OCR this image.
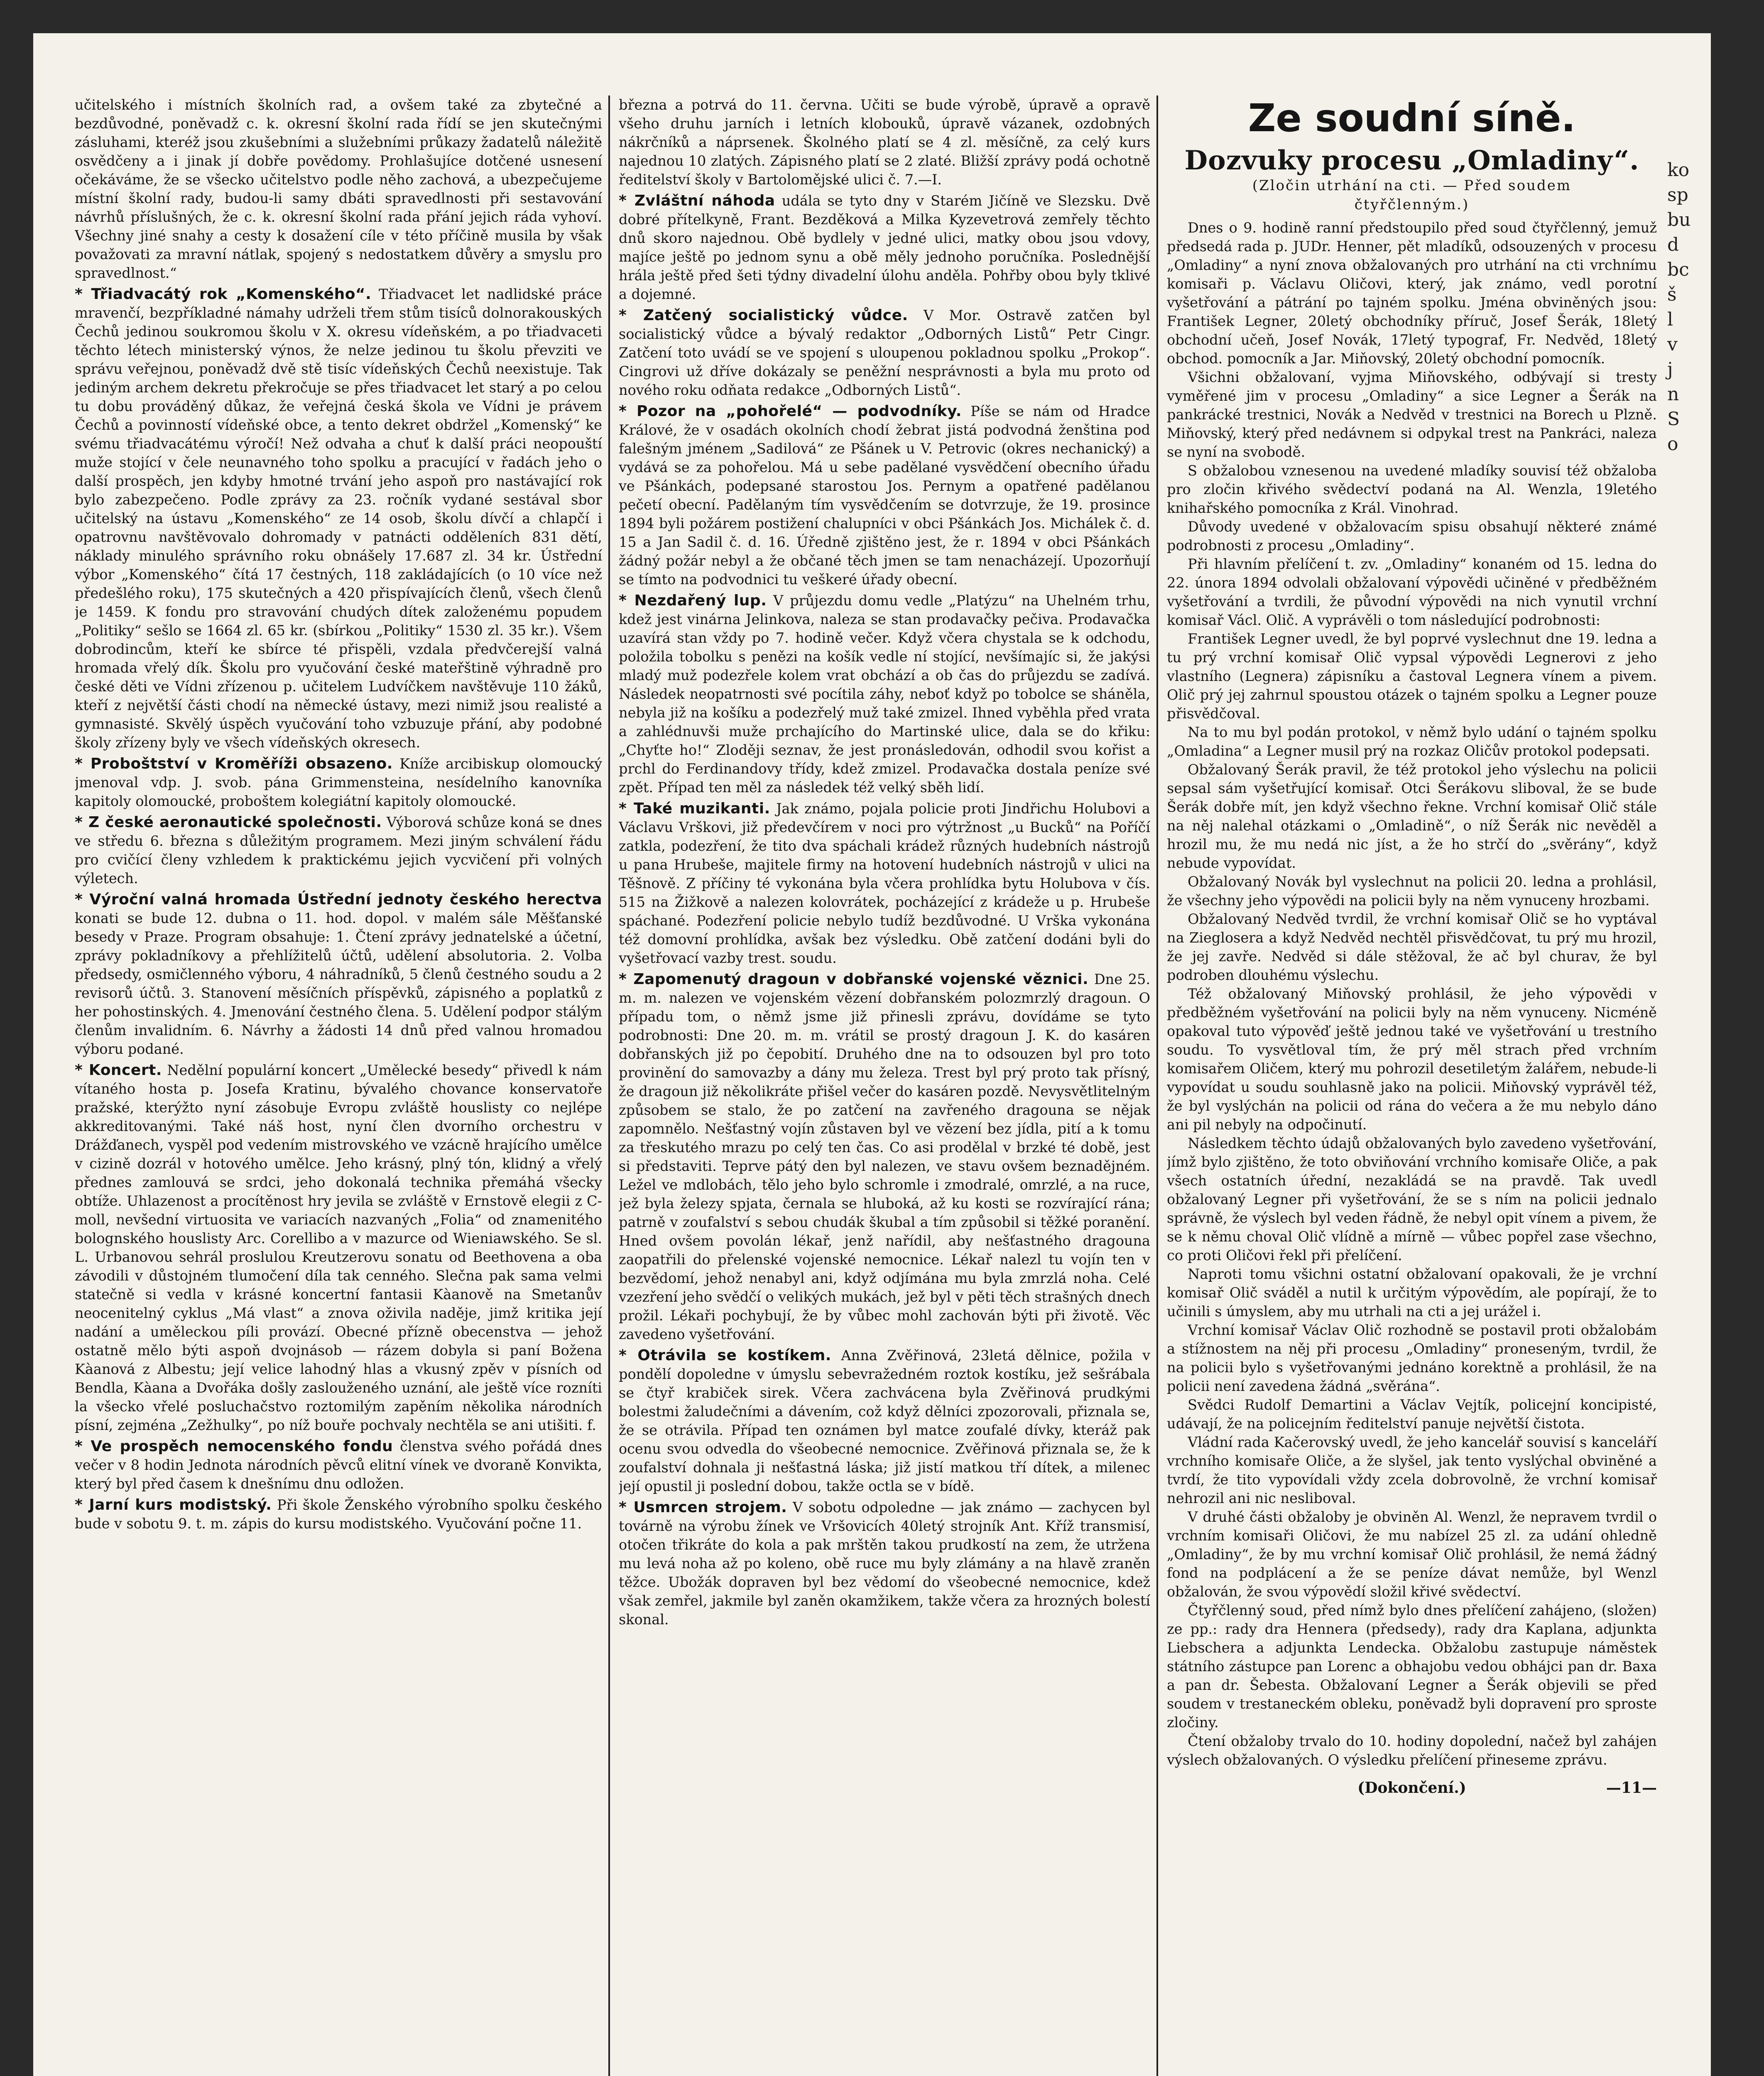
učitelského i místních školních rad, a ovšem také za zbytečné a bezdůvodné, poněvadž c. k. okresní školní rada řídí se jen skutečnými zásluhami, kteréž jsou zkušebními a služebními průkazy žadatelů náležitě osvědčeny a i jinak jí dobře povědomy. Prohlašujíce dotčené usnesení očekáváme, že se všecko učitelstvo podle něho zachová, a ubezpečujeme místní školní rady, budou-li samy dbáti spravedlnosti při sestavování návrhů příslušných, že c. k. okresní školní rada přání jejich ráda vyhoví. Všechny jiné snahy a cesty k dosažení cíle v této příčině musila by však považovati za mravní nátlak, spojený s nedostatkem důvěry a smyslu pro spravedlnost.“

* Třiadvacátý rok „Komenského“. Třiadvacet let nadlidské práce mravenčí, bezpříkladné námahy udrželi třem stům tisíců dolnorakouských Čechů jedinou soukromou školu v X. okresu vídeňském, a po třiadvaceti těchto létech ministerský výnos, že nelze jedinou tu školu převziti ve správu veřejnou, poněvadž dvě stě tisíc vídeňských Čechů neexistuje. Tak jediným archem dekretu překročuje se přes třiadvacet let starý a po celou tu dobu prováděný důkaz, že veřejná česká škola ve Vídni je právem Čechů a povinností vídeňské obce, a tento dekret obdržel „Komenský“ ke svému třiadvacátému výročí! Než odvaha a chuť k další práci neopouští muže stojící v čele neunavného toho spolku a pracující v řadách jeho o další prospěch, jen kdyby hmotné trvání jeho aspoň pro nastávající rok bylo zabezpečeno. Podle zprávy za 23. ročník vydané sestával sbor učitelský na ústavu „Komenského“ ze 14 osob, školu dívčí a chlapčí i opatrovnu navštěvovalo dohromady v patnácti odděleních 831 dětí, náklady minulého správního roku obnášely 17.687 zl. 34 kr. Ústřední výbor „Komenského“ čítá 17 čestných, 118 zakládajících (o 10 více než předešlého roku), 175 skutečných a 420 přispívajících členů, všech členů je 1459. K fondu pro stravování chudých dítek založenému popudem „Politiky“ sešlo se 1664 zl. 65 kr. (sbírkou „Politiky“ 1530 zl. 35 kr.). Všem dobrodincům, kteří ke sbírce té přispěli, vzdala předvčerejší valná hromada vřelý dík. Školu pro vyučování české mateřštině výhradně pro české děti ve Vídni zřízenou p. učitelem Ludvíčkem navštěvuje 110 žáků, kteří z největší části chodí na německé ústavy, mezi nimiž jsou realisté a gymnasisté. Skvělý úspěch vyučování toho vzbuzuje přání, aby podobné školy zřízeny byly ve všech vídeňských okresech.

* Proboštství v Kroměříži obsazeno. Kníže arcibiskup olomoucký jmenoval vdp. J. svob. pána Grimmensteina, nesídelního kanovníka kapitoly olomoucké, proboštem kolegiátní kapitoly olomoucké.

* Z české aeronautické společnosti. Výborová schůze koná se dnes ve středu 6. března s důležitým programem. Mezi jiným schválení řádu pro cvičící členy vzhledem k praktickému jejich vycvičení při volných výletech.

* Výroční valná hromada Ústřední jednoty českého herectva

konati se bude 12. dubna o 11. hod. dopol. v malém sále Měšťanské besedy v Praze. Program obsahuje: 1. Čtení zprávy jednatelské a účetní, zprávy pokladníkovy a přehlížitelů účtů, udělení absolutoria. 2. Volba předsedy, osmičlenného výboru, 4 náhradníků, 5 členů čestného soudu a 2 revisorů účtů. 3. Stanovení měsíčních příspěvků, zápisného a poplatků z her pohostinských. 4. Jmenování čestného člena. 5. Udělení podpor stálým členům invalidním. 6. Návrhy a žádosti 14 dnů před valnou hromadou výboru podané.

* Koncert. Nedělní populární koncert „Umělecké besedy“ přivedl k nám vítaného hosta p. Josefa Kratinu, bývalého chovance konservatoře pražské, kterýžto nyní zásobuje Evropu zvláště houslisty co nejlépe akkreditovanými. Také náš host, nyní člen dvorního orchestru v Drážďanech, vyspěl pod vedením mistrovského ve vzácně hrajícího umělce v cizině dozrál v hotového umělce. Jeho krásný, plný tón, klidný a vřelý přednes zamlouvá se srdci, jeho dokonalá technika přemáhá všecky obtíže. Uhlazenost a procítěnost hry jevila se zvláště v Ernstově elegii z C-moll, nevšední virtuosita ve variacích nazvaných „Folia“ od znamenitého bolognského houslisty Arc. Corellibo a v mazurce od Wieniawského. Se sl. L. Urbanovou sehrál proslulou Kreutzerovu sonatu od Beethovena a oba závodili v důstojném tlumočení díla tak cenného. Slečna pak sama velmi statečně si vedla v krásné koncertní fantasii Kàanově na Smetanův neocenitelný cyklus „Má vlast“ a znova oživila naděje, jimž kritika její nadání a uměleckou píli provází. Obecné přízně obecenstva — jehož ostatně mělo býti aspoň dvojnásob — rázem dobyla si paní Božena Kàanová z Albestu; její velice lahodný hlas a vkusný zpěv v písních od Bendla, Kàana a Dvořáka došly zaslouženého uznání, ale ještě více rozníti la všecko vřelé posluchačstvo roztomilým zapěním několika národních písní, zejména „Zežhulky“, po níž bouře pochvaly nechtěla se ani utišiti. f.

* Ve prospěch nemocenského fondu členstva svého pořádá dnes večer v 8 hodin Jednota národních pěvců elitní vínek ve dvoraně Konvikta, který byl před časem k dnešnímu dnu odložen.

* Jarní kurs modistský. Při škole Ženského výrobního spolku českého bude v sobotu 9. t. m. zápis do kursu modistského. Vyučování počne 11.

března a potrvá do 11. června. Učiti se bude výrobě, úpravě a opravě všeho druhu jarních i letních klobouků, úpravě vázanek, ozdobných nákrčníků a náprsenek. Školného platí se 4 zl. měsíčně, za celý kurs najednou 10 zlatých. Zápisného platí se 2 zlaté. Bližší zprávy podá ochotně ředitelství školy v Bartolomějské ulici č. 7.—I.

* Zvláštní náhoda udála se tyto dny v Starém Jičíně ve Slezsku. Dvě dobré přítelkyně, Frant. Bezděková a Milka Kyzevetrová zemřely těchto dnů skoro najednou. Obě bydlely v jedné ulici, matky obou jsou vdovy, majíce ještě po jednom synu a obě měly jednoho poručníka. Poslednější hrála ještě před šeti týdny divadelní úlohu anděla. Pohřby obou byly tklivé a dojemné.

* Zatčený socialistický vůdce. V Mor. Ostravě zatčen byl socialistický vůdce a bývalý redaktor „Odborných Listů“ Petr Cingr. Zatčení toto uvádí se ve spojení s uloupenou pokladnou spolku „Prokop“. Cingrovi už dříve dokázaly se peněžní nesprávnosti a byla mu proto od nového roku odňata redakce „Odborných Listů“.

* Pozor na „pohořelé“ — podvodníky. Píše se nám od Hradce Králové, že v osadách okolních chodí žebrat jistá podvodná ženština pod falešným jménem „Sadilová“ ze Pšánek u V. Petrovic (okres nechanický) a vydává se za pohořelou. Má u sebe padělané vysvědčení obecního úřadu ve Pšánkách, podepsané starostou Jos. Pernym a opatřené padělanou pečetí obecní. Padělaným tím vysvědčením se dotvrzuje, že 19. prosince 1894 byli požárem postižení chalupníci v obci Pšánkách Jos. Michálek č. d. 15 a Jan Sadil č. d. 16. Úředně zjištěno jest, že r. 1894 v obci Pšánkách žádný požár nebyl a že občané těch jmen se tam nenacházejí. Upozorňují se tímto na podvodnici tu veškeré úřady obecní.

* Nezdařený lup. V průjezdu domu vedle „Platýzu“ na Uhelném trhu, kdež jest vinárna Jelinkova, naleza se stan prodavačky pečiva. Prodavačka uzavírá stan vždy po 7. hodině večer. Když včera chystala se k odchodu, položila tobolku s penězi na košík vedle ní stojící, nevšímajíc si, že jakýsi mladý muž podezřele kolem vrat obchází a ob čas do průjezdu se zadívá. Následek neopatrnosti své pocítila záhy, neboť když po tobolce se sháněla, nebyla již na košíku a podezřelý muž také zmizel. Ihned vyběhla před vrata a zahlédnuvši muže prchajícího do Martinské ulice, dala se do křiku: „Chyťte ho!“ Zloději seznav, že jest pronásledován, odhodil svou kořist a prchl do Ferdinandovy třídy, kdež zmizel. Prodavačka dostala peníze své zpět. Případ ten měl za následek též velký sběh lidí.

* Také muzikanti. Jak známo, pojala policie proti Jindřichu Holubovi a Václavu Vrškovi, již předevčírem v noci pro výtržnost „u Bucků“ na Poříčí zatkla, podezření, že tito dva spáchali krádež různých hudebních nástrojů u pana Hrubeše, majitele firmy na hotovení hudebních nástrojů v ulici na Těšnově. Z příčiny té vykonána byla včera prohlídka bytu Holubova v čís. 515 na Žižkově a nalezen kolovrátek, pocházející z krádeže u p. Hrubeše spáchané. Podezření policie nebylo tudíž bezdůvodné. U Vrška vykonána též domovní prohlídka, avšak bez výsledku. Obě zatčení dodáni byli do vyšetřovací vazby trest. soudu.

* Zapomenutý dragoun v dobřanské vojenské věznici. Dne 25. m. m. nalezen ve vojenském vězení dobřanském polozmrzlý dragoun. O případu tom, o němž jsme již přinesli zprávu, dovídáme se tyto podrobnosti: Dne 20. m. m. vrátil se prostý dragoun J. K. do kasáren dobřanských již po čepobití. Druhého dne na to odsouzen byl pro toto provinění do samovazby a dány mu železa. Trest byl prý proto tak přísný, že dragoun již několikráte přišel večer do kasáren pozdě. Nevysvětlitelným způsobem se stalo, že po zatčení na zavřeného dragouna se nějak zapomnělo. Nešťastný vojín zůstaven byl ve vězení bez jídla, pití a k tomu za třeskutého mrazu po celý ten čas. Co asi prodělal v brzké té době, jest si představiti. Teprve pátý den byl nalezen, ve stavu ovšem beznadějném. Ležel ve mdlobách, tělo jeho bylo schromle i zmodralé, omrzlé, a na ruce, jež byla železy spjata, černala se hluboká, až ku kosti se rozvírající rána; patrně v zoufalství s sebou chudák škubal a tím způsobil si těžké poranění. Hned ovšem povolán lékař, jenž nařídil, aby nešťastného dragouna zaopatřili do přelenské vojenské nemocnice. Lékař nalezl tu vojín ten v bezvědomí, jehož nenabyl ani, když odjímána mu byla zmrzlá noha. Celé vzezření jeho svědčí o velikých mukách, jež byl v pěti těch strašných dnech prožil. Lékaři pochybují, že by vůbec mohl zachován býti při životě. Věc zavedeno vyšetřování.

* Otrávila se kostíkem. Anna Zvěřinová, 23letá dělnice, požila v pondělí dopoledne v úmyslu sebevražedném roztok kostíku, jež sešrábala se čtyř krabiček sirek. Včera zachvácena byla Zvěřinová prudkými bolestmi žaludečními a dávením, což když dělníci zpozorovali, přiznala se, že se otrávila. Případ ten oznámen byl matce zoufalé dívky, kteráž pak ocenu svou odvedla do všeobecné nemocnice. Zvěřinová přiznala se, že k zoufalství dohnala ji nešťastná láska; již jistí matkou tří dítek, a milenec její opustil ji poslední dobou, takže octla se v bídě.

* Usmrcen strojem. V sobotu odpoledne — jak známo — zachycen byl továrně na výrobu žínek ve Vršovicích 40letý strojník Ant. Kříž transmisí, otočen třikráte do kola a pak mrštěn takou prudkostí na zem, že utržena mu levá noha až po koleno, obě ruce mu byly zlámány a na hlavě zraněn těžce. Ubožák dopraven byl bez vědomí do všeobecné nemocnice, kdež však zemřel, jakmile byl zaněn okamžikem, takže včera za hrozných bolestí skonal.

Ze soudní síně.
Dozvuky procesu „Omladiny“.
(Zločin utrhání na cti. — Před soudem
čtyřčlenným.)

Dnes o 9. hodině ranní předstoupilo před soud čtyřčlenný, jemuž předsedá rada p. JUDr. Henner, pět mladíků, odsouzených v procesu „Omladiny“ a nyní znova obžalovaných pro utrhání na cti vrchnímu komisaři p. Václavu Oličovi, který, jak známo, vedl porotní vyšetřování a pátrání po tajném spolku. Jména obviněných jsou: František Legner, 20letý obchodníky příruč, Josef Šerák, 18letý obchodní učeň, Josef Novák, 17letý typograf, Fr. Nedvěd, 18letý obchod. pomocník a Jar. Miňovský, 20letý obchodní pomocník.

Všichni obžalovaní, vyjma Miňovského, odbývají si tresty vyměřené jim v procesu „Omladiny“ a sice Legner a Šerák na pankrácké trestnici, Novák a Nedvěd v trestnici na Borech u Plzně. Miňovský, který před nedávnem si odpykal trest na Pankráci, naleza se nyní na svobodě.

S obžalobou vznesenou na uvedené mladíky souvisí též obžaloba pro zločin křivého svědectví podaná na Al. Wenzla, 19letého knihařského pomocníka z Král. Vinohrad.

Důvody uvedené v obžalovacím spisu obsahují některé známé podrobnosti z procesu „Omladiny“.

Při hlavním přelíčení t. zv. „Omladiny“ konaném od 15. ledna do 22. února 1894 odvolali obžalovaní výpovědi učiněné v předběžném vyšetřování a tvrdili, že původní výpovědi na nich vynutil vrchní komisař Václ. Olič. A vyprávěli o tom následující podrobnosti:

František Legner uvedl, že byl poprvé vyslechnut dne 19. ledna a tu prý vrchní komisař Olič vypsal výpovědi Legnerovi z jeho vlastního (Legnera) zápisníku a častoval Legnera vínem a pivem. Olič prý jej zahrnul spoustou otázek o tajném spolku a Legner pouze přisvědčoval.

Na to mu byl podán protokol, v němž bylo udání o tajném spolku „Omladina“ a Legner musil prý na rozkaz Oličův protokol podepsati.

Obžalovaný Šerák pravil, že též protokol jeho výslechu na policii sepsal sám vyšetřující komisař. Otci Šerákovu sliboval, že se bude Šerák dobře mít, jen když všechno řekne. Vrchní komisař Olič stále na něj nalehal otázkami o „Omladině“, o níž Šerák nic nevěděl a hrozil mu, že mu nedá nic jíst, a že ho strčí do „svěrány“, když nebude vypovídat.

Obžalovaný Novák byl vyslechnut na policii 20. ledna a prohlásil, že všechny jeho výpovědi na policii byly na něm vynuceny hrozbami.

Obžalovaný Nedvěd tvrdil, že vrchní komisař Olič se ho vyptával na Zieglosera a když Nedvěd nechtěl přisvědčovat, tu prý mu hrozil, že jej zavře. Nedvěd si dále stěžoval, že ač byl churav, že byl podroben dlouhému výslechu.

Též obžalovaný Miňovský prohlásil, že jeho výpovědi v předběžném vyšetřování na policii byly na něm vynuceny. Nicméně opakoval tuto výpověď ještě jednou také ve vyšetřování u trestního soudu. To vysvětloval tím, že prý měl strach před vrchním komisařem Oličem, který mu pohrozil desetiletým žalářem, nebude-li vypovídat u soudu souhlasně jako na policii. Miňovský vyprávěl též, že byl vyslýchán na policii od rána do večera a že mu nebylo dáno ani pil nebyly na odpočinutí.

Následkem těchto údajů obžalovaných bylo zavedeno vyšetřování, jímž bylo zjištěno, že toto obviňování vrchního komisaře Oliče, a pak všech ostatních úřední, nezakládá se na pravdě. Tak uvedl obžalovaný Legner při vyšetřování, že se s ním na policii jednalo správně, že výslech byl veden řádně, že nebyl opit vínem a pivem, že se k němu choval Olič vlídně a mírně — vůbec popřel zase všechno, co proti Oličovi řekl při přelíčení.

Naproti tomu všichni ostatní obžalovaní opakovali, že je vrchní komisař Olič sváděl a nutil k určitým výpovědím, ale popírají, že to učinili s úmyslem, aby mu utrhali na cti a jej urážel i.

Vrchní komisař Václav Olič rozhodně se postavil proti obžalobám a stížnostem na něj při procesu „Omladiny“ proneseným, tvrdil, že na policii bylo s vyšetřovanými jednáno korektně a prohlásil, že na policii není zavedena žádná „svěrána“.

Svědci Rudolf Demartini a Václav Vejtík, policejní koncipisté, udávají, že na policejním ředitelství panuje největší čistota.

Vládní rada Kačerovský uvedl, že jeho kancelář souvisí s kanceláří vrchního komisaře Oliče, a že slyšel, jak tento vyslýchal obviněné a tvrdí, že tito vypovídali vždy zcela dobrovolně, že vrchní komisař nehrozil ani nic nesliboval.

V druhé části obžaloby je obviněn Al. Wenzl, že nepravem tvrdil o vrchním komisaři Oličovi, že mu nabízel 25 zl. za udání ohledně „Omladiny“, že by mu vrchní komisař Olič prohlásil, že nemá žádný fond na podplácení a že se peníze dávat nemůže, byl Wenzl obžalován, že svou výpovědí složil křivé svědectví.

Čtyřčlenný soud, před nímž bylo dnes přelíčení zahájeno, (složen) ze pp.: rady dra Hennera (předsedy), rady dra Kaplana, adjunkta Liebschera a adjunkta Lendecka. Obžalobu zastupuje náměstek státního zástupce pan Lorenc a obhajobu vedou obhájci pan dr. Baxa a pan dr. Šebesta. Obžalovaní Legner a Šerák objevili se před soudem v trestaneckém obleku, poněvadž byli dopravení pro sproste zločiny.

Čtení obžaloby trvalo do 10. hodiny dopolední, načež byl zahájen výslech obžalovaných. O výsledku přelíčení přineseme zprávu.

(Dokončení.)	—11—
ko
sp
bu
d
bc
š
l
v
j
n
S
o
